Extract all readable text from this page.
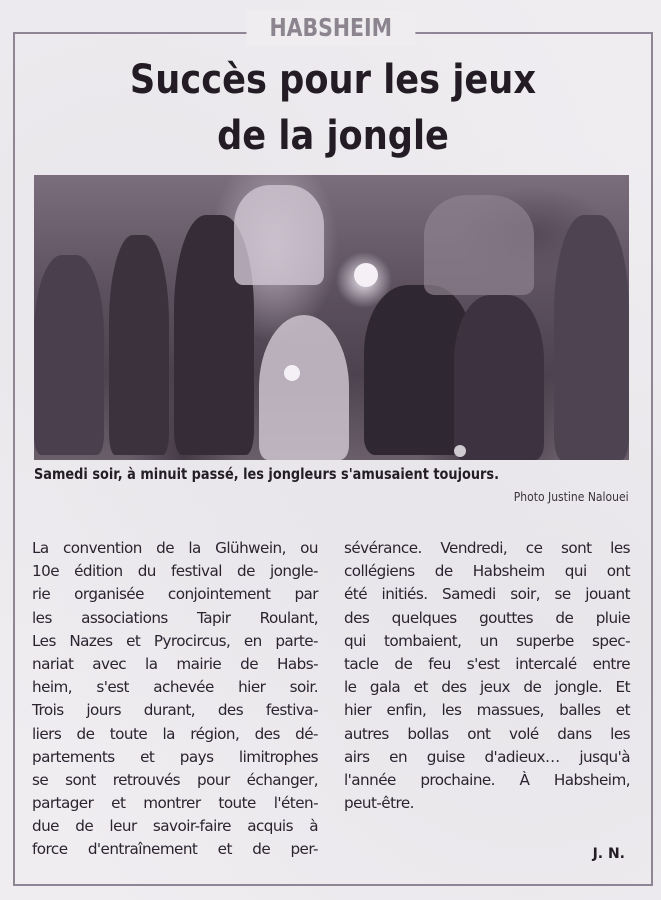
HABSHEIM
Succès pour les jeux
de la jongle
Samedi soir, à minuit passé, les jongleurs s'amusaient toujours.
Photo Justine Nalouei
La convention de la Glühwein, ou
10e édition du festival de jongle-
rie organisée conjointement par
les associations Tapir Roulant,
Les Nazes et Pyrocircus, en parte-
nariat avec la mairie de Habs-
heim, s'est achevée hier soir.
Trois jours durant, des festiva-
liers de toute la région, des dé-
partements et pays limitrophes
se sont retrouvés pour échanger,
partager et montrer toute l'éten-
due de leur savoir-faire acquis à
force d'entraînement et de per-
sévérance. Vendredi, ce sont les
collégiens de Habsheim qui ont
été initiés. Samedi soir, se jouant
des quelques gouttes de pluie
qui tombaient, un superbe spec-
tacle de feu s'est intercalé entre
le gala et des jeux de jongle. Et
hier enfin, les massues, balles et
autres bollas ont volé dans les
airs en guise d'adieux… jusqu'à
l'année prochaine. À Habsheim,
peut-être.
J. N.
